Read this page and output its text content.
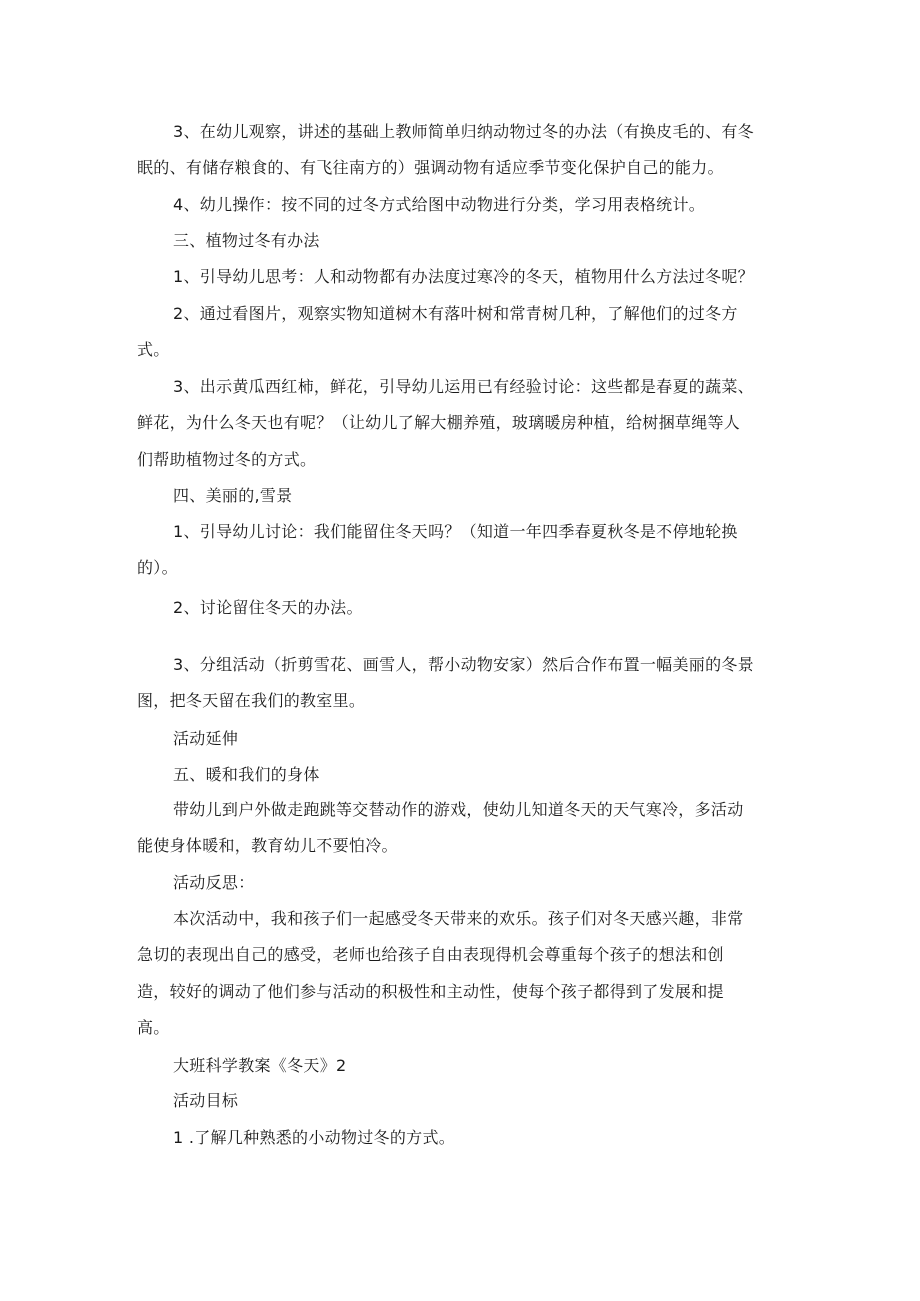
3、在幼儿观察，讲述的基础上教师简单归纳动物过冬的办法（有换皮毛的、有冬
眠的、有储存粮食的、有飞往南方的）强调动物有适应季节变化保护自己的能力。
4、幼儿操作：按不同的过冬方式给图中动物进行分类，学习用表格统计。
三、植物过冬有办法
1、引导幼儿思考：人和动物都有办法度过寒冷的冬天，植物用什么方法过冬呢？
2、通过看图片，观察实物知道树木有落叶树和常青树几种，了解他们的过冬方
式。
3、出示黄瓜西红柿，鲜花，引导幼儿运用已有经验讨论：这些都是春夏的蔬菜、
鲜花，为什么冬天也有呢？（让幼儿了解大棚养殖，玻璃暖房种植，给树捆草绳等人
们帮助植物过冬的方式。
四、美丽的,雪景
1、引导幼儿讨论：我们能留住冬天吗？（知道一年四季春夏秋冬是不停地轮换
的）。
2、讨论留住冬天的办法。
3、分组活动（折剪雪花、画雪人，帮小动物安家）然后合作布置一幅美丽的冬景
图，把冬天留在我们的教室里。
活动延伸
五、暖和我们的身体
带幼儿到户外做走跑跳等交替动作的游戏，使幼儿知道冬天的天气寒冷，多活动
能使身体暖和，教育幼儿不要怕冷。
活动反思：
本次活动中，我和孩子们一起感受冬天带来的欢乐。孩子们对冬天感兴趣，非常
急切的表现出自己的感受，老师也给孩子自由表现得机会尊重每个孩子的想法和创
造，较好的调动了他们参与活动的积极性和主动性，使每个孩子都得到了发展和提
高。
大班科学教案《冬天》2
活动目标
1 .了解几种熟悉的小动物过冬的方式。
